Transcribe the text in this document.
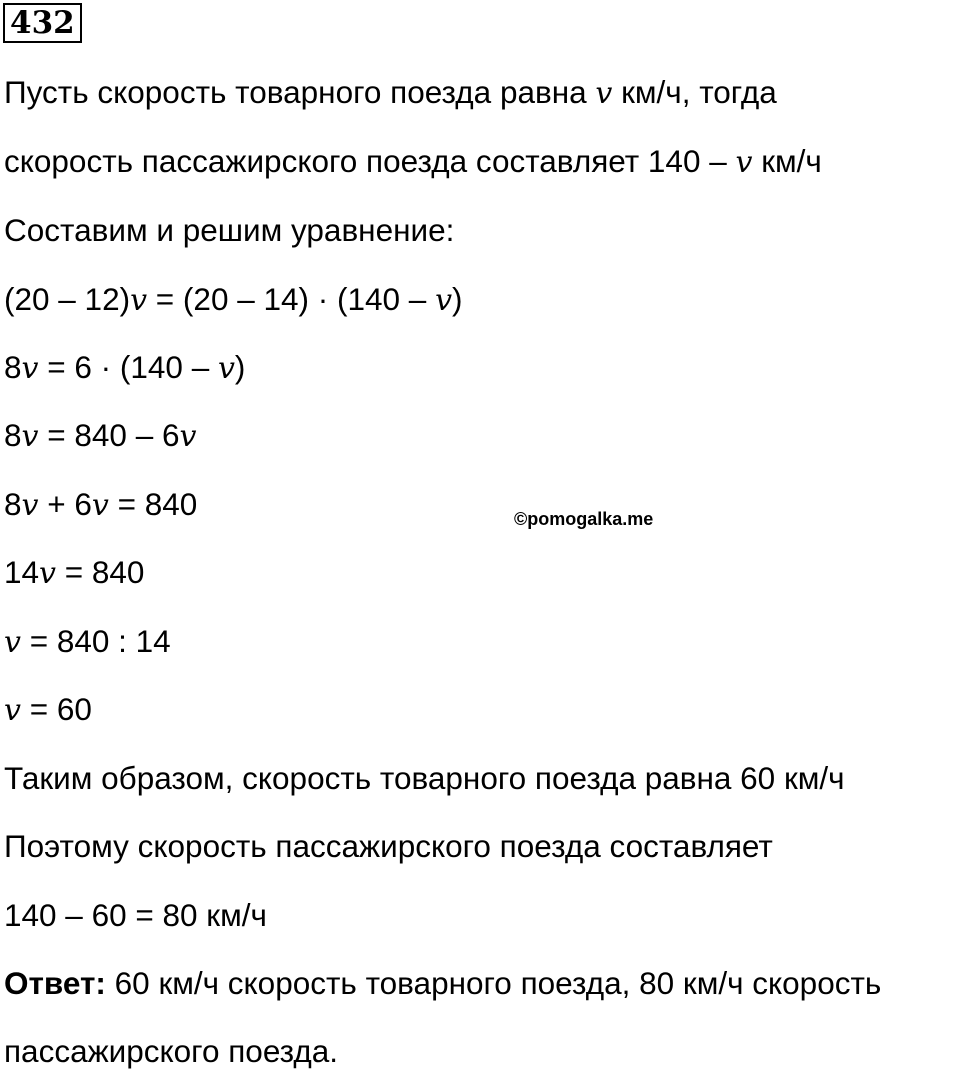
432
Пусть скорость товарного поезда равна v км/ч, тогда
скорость пассажирского поезда составляет 140 – v км/ч
Составим и решим уравнение:
(20 – 12)v = (20 – 14) · (140 – v)
8v = 6 · (140 – v)
8v = 840 – 6v
8v + 6v = 840	©pomogalka.me
14v = 840
v = 840 : 14
v = 60
Таким образом, скорость товарного поезда равна 60 км/ч
Поэтому скорость пассажирского поезда составляет
140 – 60 = 80 км/ч
Ответ: 60 км/ч скорость товарного поезда, 80 км/ч скорость
пассажирского поезда.
